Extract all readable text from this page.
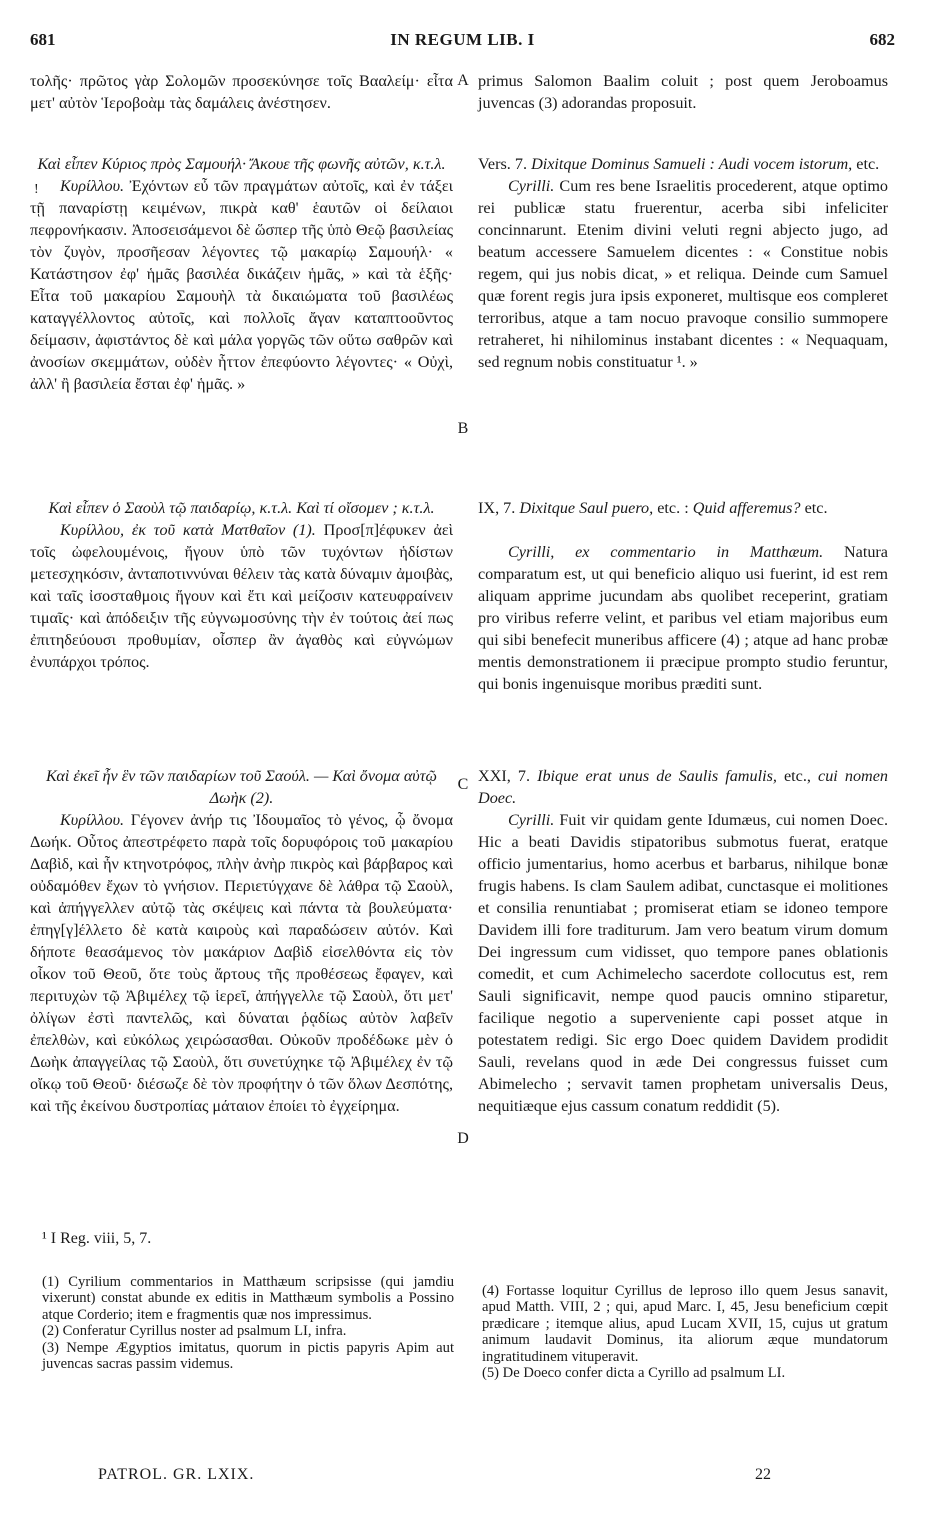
681	IN REGUM LIB. I	682

τολῆς· πρῶτος γὰρ Σολομῶν προσεκύνησε τοῖς Βααλείμ· εἶτα μετ' αὐτὸν Ἱεροβοὰμ τὰς δαμάλεις ἀνέστησεν.

Καὶ εἶπεν Κύριος πρὸς Σαμουήλ· Ἄκουε τῆς φωνῆς αὐτῶν, κ.τ.λ.

Κυρίλλου. Ἐχόντων εὖ τῶν πραγμάτων αὐτοῖς, καὶ ἐν τάξει τῇ παναρίστῃ κειμένων, πικρὰ καθ' ἑαυτῶν οἱ δείλαιοι πεφρονήκασιν. Ἀποσεισάμενοι δὲ ὥσπερ τῆς ὑπὸ Θεῷ βασιλείας τὸν ζυγὸν, προσῆεσαν λέγοντες τῷ μακαρίῳ Σαμουήλ· « Κατάστησον ἐφ' ἡμᾶς βασιλέα δικάζειν ἡμᾶς, » καὶ τὰ ἑξῆς· Εἶτα τοῦ μακαρίου Σαμουὴλ τὰ δικαιώματα τοῦ βασιλέως καταγγέλλοντος αὐτοῖς, καὶ πολλοῖς ἄγαν καταπτοοῦντος δείμασιν, ἀφιστάντος δὲ καὶ μάλα γοργῶς τῶν οὕτω σαθρῶν καὶ ἀνοσίων σκεμμάτων, οὐδὲν ἧττον ἐπεφύοντο λέγοντες· « Οὐχὶ, ἀλλ' ἢ βασιλεία ἔσται ἐφ' ἡμᾶς. »

Καὶ εἶπεν ὁ Σαοὺλ τῷ παιδαρίῳ, κ.τ.λ. Καὶ τί οἴσομεν ; κ.τ.λ.

Κυρίλλου, ἐκ τοῦ κατὰ Ματθαῖον (1). Προσ[π]έφυκεν ἀεὶ τοῖς ὠφελουμένοις, ἤγουν ὑπὸ τῶν τυχόντων ἡδίστων μετεσχηκόσιν, ἀνταποτιννύναι θέλειν τὰς κατὰ δύναμιν ἀμοιβὰς, καὶ ταῖς ἰσοσταθμοις ἤγουν καὶ ἔτι καὶ μείζοσιν κατευφραίνειν τιμαῖς· καὶ ἀπόδειξιν τῆς εὐγνωμοσύνης τὴν ἐν τούτοις ἀεί πως ἐπιτηδεύουσι προθυμίαν, οἶσπερ ἂν ἀγαθὸς καὶ εὐγνώμων ἐνυπάρχοι τρόπος.

Καὶ ἐκεῖ ἦν ἓν τῶν παιδαρίων τοῦ Σαούλ. — Καὶ ὄνομα αὐτῷ Δωὴκ (2).

Κυρίλλου. Γέγονεν ἀνήρ τις Ἰδουμαῖος τὸ γένος, ᾧ ὄνομα Δωήκ. Οὗτος ἀπεστρέφετο παρὰ τοῖς δορυφόροις τοῦ μακαρίου Δαβὶδ, καὶ ἦν κτηνοτρόφος, πλὴν ἀνὴρ πικρὸς καὶ βάρβαρος καὶ οὐδαμόθεν ἔχων τὸ γνήσιον. Περιετύγχανε δὲ λάθρα τῷ Σαοὺλ, καὶ ἀπήγγελλεν αὐτῷ τὰς σκέψεις καὶ πάντα τὰ βουλεύματα· ἐπηγ[γ]έλλετο δὲ κατὰ καιροὺς καὶ παραδώσειν αὐτόν. Καὶ δήποτε θεασάμενος τὸν μακάριον Δαβὶδ εἰσελθόντα εἰς τὸν οἶκον τοῦ Θεοῦ, ὅτε τοὺς ἄρτους τῆς προθέσεως ἔφαγεν, καὶ περιτυχὼν τῷ Ἀβιμέλεχ τῷ ἱερεῖ, ἀπήγγελλε τῷ Σαοὺλ, ὅτι μετ' ὀλίγων ἐστὶ παντελῶς, καὶ δύναται ῥᾳδίως αὐτὸν λαβεῖν ἐπελθὼν, καὶ εὐκόλως χειρώσασθαι. Οὐκοῦν προδέδωκε μὲν ὁ Δωὴκ ἀπαγγείλας τῷ Σαοὺλ, ὅτι συνετύχηκε τῷ Ἀβιμέλεχ ἐν τῷ οἴκῳ τοῦ Θεοῦ· διέσωζε δὲ τὸν προφήτην ὁ τῶν ὅλων Δεσπότης, καὶ τῆς ἐκείνου δυστροπίας μάταιον ἐποίει τὸ ἐγχείρημα.

!
A
B
C
D

primus Salomon Baalim coluit ; post quem Jeroboamus juvencas (3) adorandas proposuit.

Vers. 7. Dixitque Dominus Samueli : Audi vocem istorum, etc.

Cyrilli. Cum res bene Israelitis procederent, atque optimo rei publicæ statu fruerentur, acerba sibi infeliciter concinnarunt. Etenim divini veluti regni abjecto jugo, ad beatum accessere Samuelem dicentes : « Constitue nobis regem, qui jus nobis dicat, » et reliqua. Deinde cum Samuel quæ forent regis jura ipsis exponeret, multisque eos compleret terroribus, atque a tam nocuo pravoque consilio summopere retraheret, hi nihilominus instabant dicentes : « Nequaquam, sed regnum nobis constituatur ¹. »

IX, 7. Dixitque Saul puero, etc. : Quid afferemus? etc.

Cyrilli, ex commentario in Matthæum. Natura comparatum est, ut qui beneficio aliquo usi fuerint, id est rem aliquam apprime jucundam abs quolibet receperint, gratiam pro viribus referre velint, et paribus vel etiam majoribus eum qui sibi benefecit muneribus afficere (4) ; atque ad hanc probæ mentis demonstrationem ii præcipue prompto studio feruntur, qui bonis ingenuisque moribus præditi sunt.

XXI, 7. Ibique erat unus de Saulis famulis, etc., cui nomen Doec.

Cyrilli. Fuit vir quidam gente Idumæus, cui nomen Doec. Hic a beati Davidis stipatoribus submotus fuerat, eratque officio jumentarius, homo acerbus et barbarus, nihilque bonæ frugis habens. Is clam Saulem adibat, cunctasque ei molitiones et consilia renuntiabat ; promiserat etiam se idoneo tempore Davidem illi fore traditurum. Jam vero beatum virum domum Dei ingressum cum vidisset, quo tempore panes oblationis comedit, et cum Achimelecho sacerdote collocutus est, rem Sauli significavit, nempe quod paucis omnino stiparetur, facilique negotio a superveniente capi posset atque in potestatem redigi. Sic ergo Doec quidem Davidem prodidit Sauli, revelans quod in æde Dei congressus fuisset cum Abimelecho ; servavit tamen prophetam universalis Deus, nequitiæque ejus cassum conatum reddidit (5).

¹ I Reg. viii, 5, 7.

(1) Cyrilium commentarios in Matthæum scripsisse (qui jamdiu vixerunt) constat abunde ex editis in Matthæum symbolis a Possino atque Corderio; item e fragmentis quæ nos impressimus.

(2) Conferatur Cyrillus noster ad psalmum LI, infra.

(3) Nempe Ægyptios imitatus, quorum in pictis papyris Apim aut juvencas sacras passim videmus.

(4) Fortasse loquitur Cyrillus de leproso illo quem Jesus sanavit, apud Matth. VIII, 2 ; qui, apud Marc. I, 45, Jesu beneficium cœpit prædicare ; itemque alius, apud Lucam XVII, 15, cujus ut gratum animum laudavit Dominus, ita aliorum æque mundatorum ingratitudinem vituperavit.

(5) De Doeco confer dicta a Cyrillo ad psalmum LI.

PATROL. GR. LXIX.	22
